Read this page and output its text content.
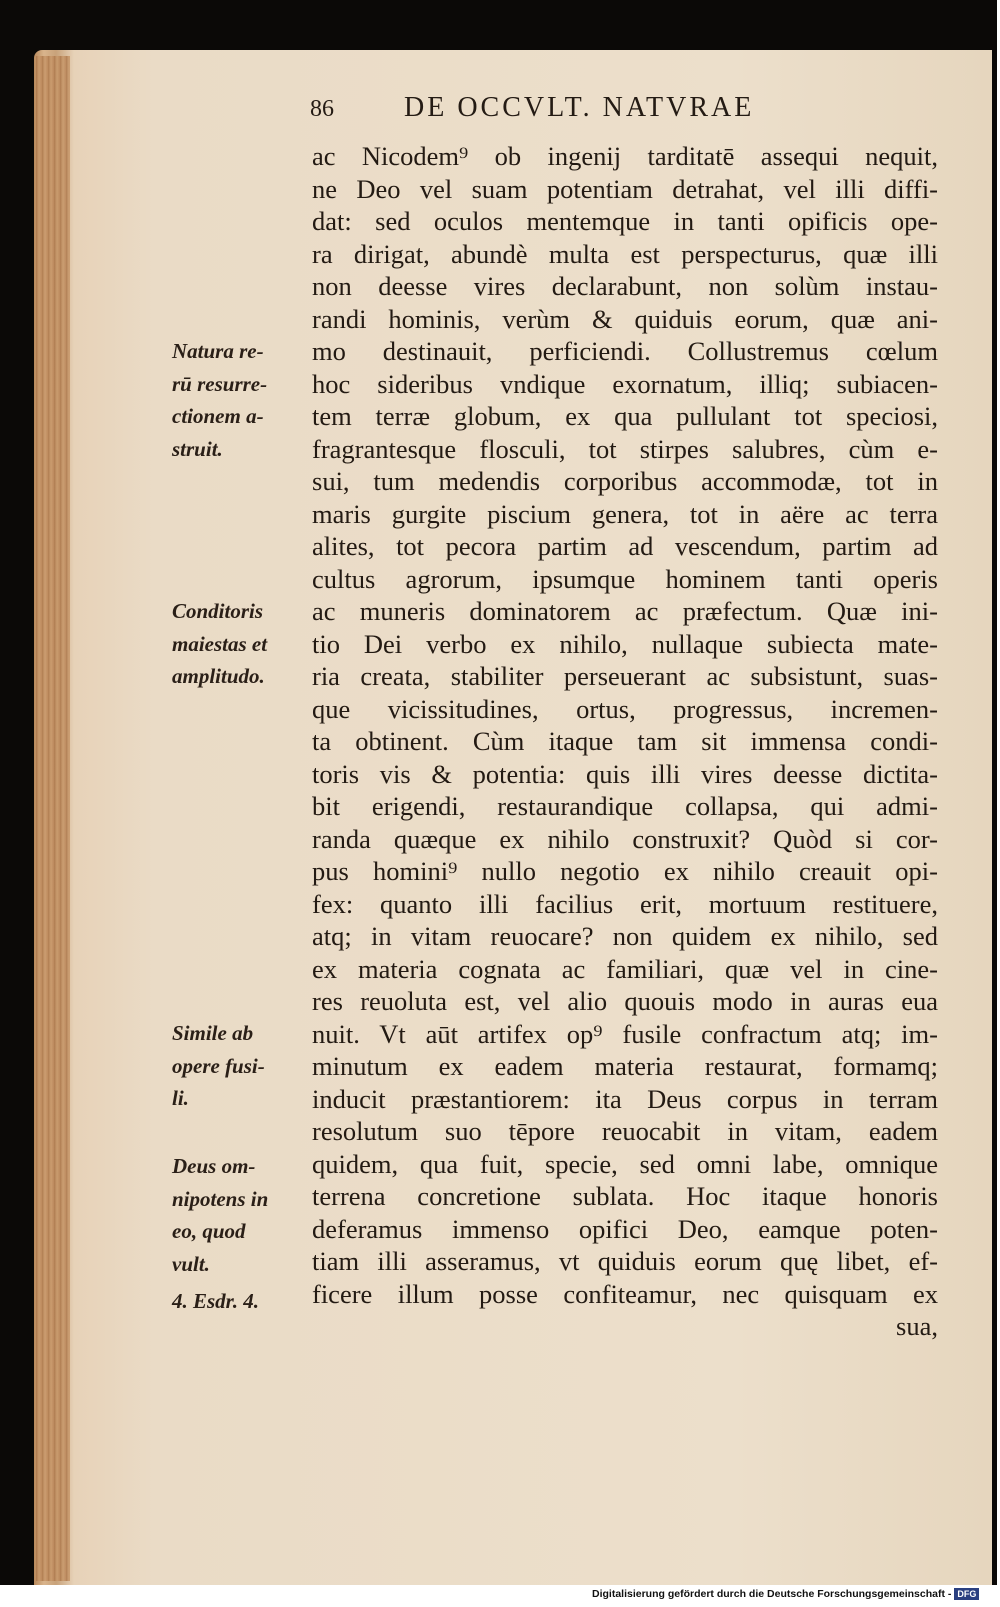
86	DE OCCVLT. NATVRAE
ac Nicodem⁹ ob ingenij tarditatē assequi nequit,
ne Deo vel suam potentiam detrahat, vel illi diffi-
dat: sed oculos mentemque in tanti opificis ope-
ra dirigat, abundè multa est perspecturus, quæ illi
non deesse vires declarabunt, non solùm instau-
randi hominis, verùm & quiduis eorum, quæ ani-
mo destinauit, perficiendi. Collustremus cœlum
hoc sideribus vndique exornatum, illiq; subiacen-
tem terræ globum, ex qua pullulant tot speciosi,
fragrantesque flosculi, tot stirpes salubres, cùm e-
sui, tum medendis corporibus accommodæ, tot in
maris gurgite piscium genera, tot in aëre ac terra
alites, tot pecora partim ad vescendum, partim ad
cultus agrorum, ipsumque hominem tanti operis
ac muneris dominatorem ac præfectum. Quæ ini-
tio Dei verbo ex nihilo, nullaque subiecta mate-
ria creata, stabiliter perseuerant ac subsistunt, suas-
que vicissitudines, ortus, progressus, incremen-
ta obtinent. Cùm itaque tam sit immensa condi-
toris vis & potentia: quis illi vires deesse dictita-
bit erigendi, restaurandique collapsa, qui admi-
randa quæque ex nihilo construxit? Quòd si cor-
pus homini⁹ nullo negotio ex nihilo creauit opi-
fex: quanto illi facilius erit, mortuum restituere,
atq; in vitam reuocare? non quidem ex nihilo, sed
ex materia cognata ac familiari, quæ vel in cine-
res reuoluta est, vel alio quouis modo in auras eua
nuit. Vt aūt artifex op⁹ fusile confractum atq; im-
minutum ex eadem materia restaurat, formamq;
inducit præstantiorem: ita Deus corpus in terram
resolutum suo tēpore reuocabit in vitam, eadem
quidem, qua fuit, specie, sed omni labe, omnique
terrena concretione sublata. Hoc itaque honoris
deferamus immenso opifici Deo, eamque poten-
tiam illi asseramus, vt quiduis eorum quę libet, ef-
ficere illum posse confiteamur, nec quisquam ex
sua,
Natura re-
rū resurre-
ctionem a-
struit.
Conditoris
maiestas et
amplitudo.
Simile ab
opere fusi-
li.
Deus om-
nipotens in
eo, quod
vult.
4. Esdr. 4.
Digitalisierung gefördert durch die Deutsche Forschungsgemeinschaft - DFG
